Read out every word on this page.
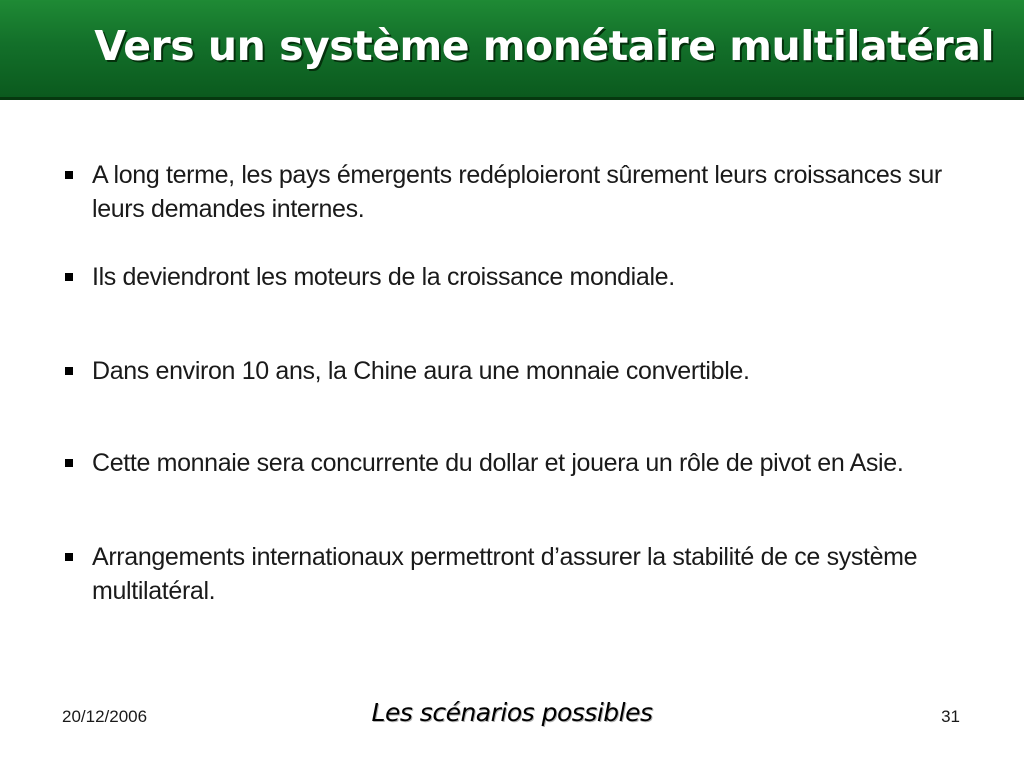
Vers un système monétaire multilatéral
A long terme, les pays émergents redéploieront sûrement leurs croissances sur leurs demandes internes.
Ils deviendront les moteurs de la croissance mondiale.
Dans environ 10 ans, la Chine aura une monnaie convertible.
Cette monnaie sera concurrente du dollar et jouera un rôle de pivot en Asie.
Arrangements internationaux permettront d’assurer la stabilité de ce système multilatéral.
20/12/2006	Les scénarios possibles	31
